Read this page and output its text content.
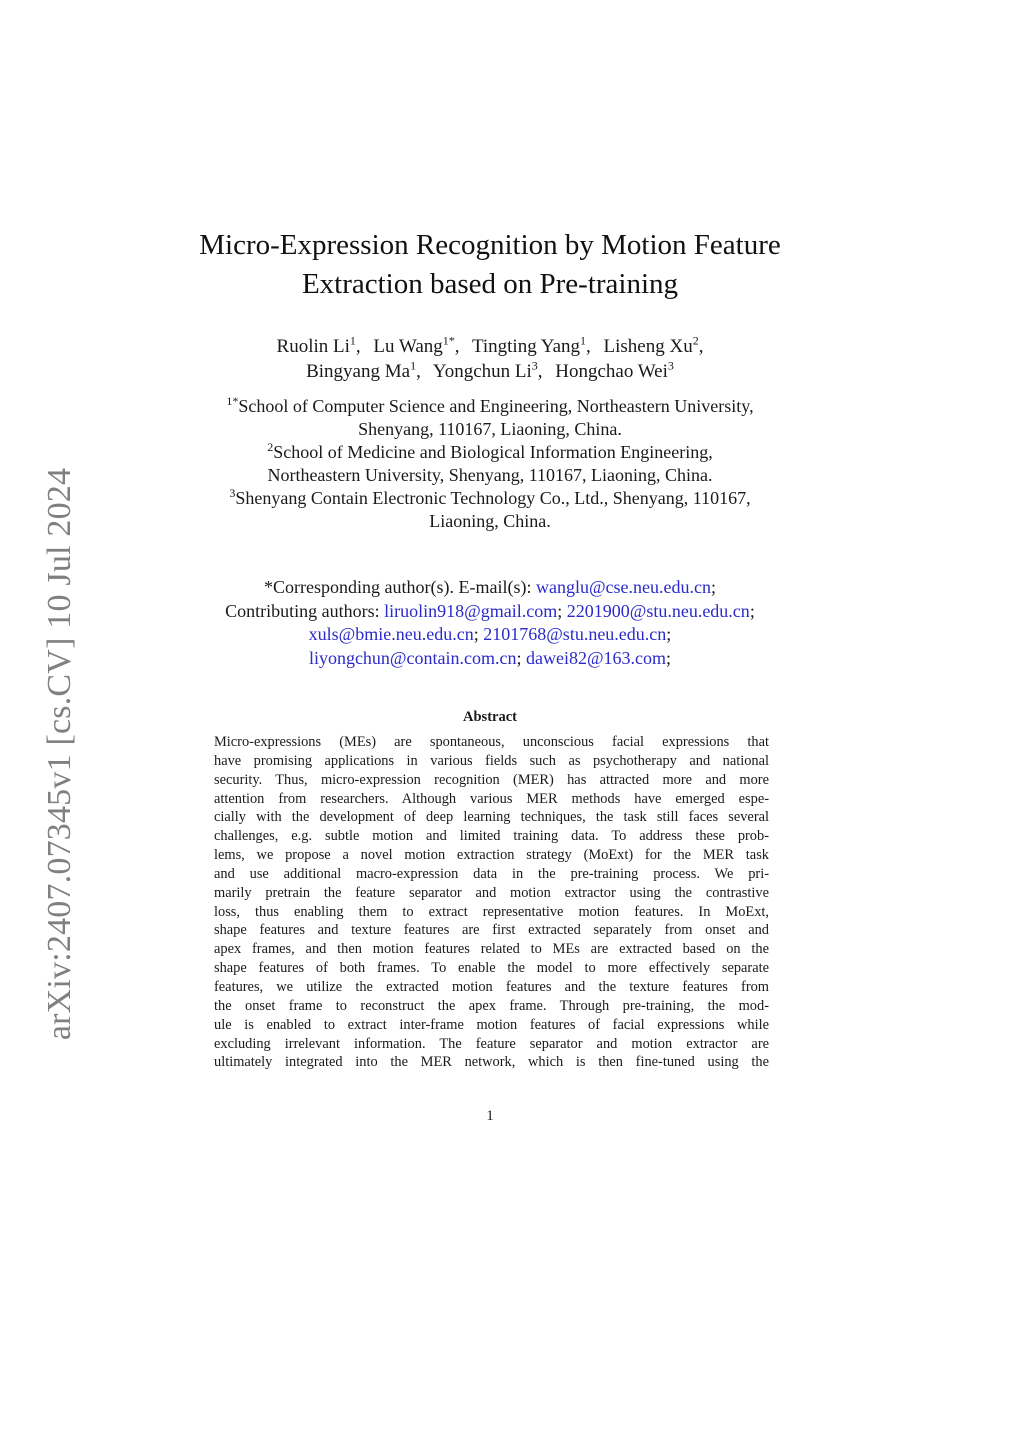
arXiv:2407.07345v1 [cs.CV] 10 Jul 2024
Micro-Expression Recognition by Motion Feature
Extraction based on Pre-training
Ruolin Li$^1$, Lu Wang$^{1*}$, Tingting Yang$^1$, Lisheng Xu$^2$,
Bingyang Ma$^1$, Yongchun Li$^3$, Hongchao Wei$^3$
$^{1*}$School of Computer Science and Engineering, Northeastern University,
Shenyang, 110167, Liaoning, China.
$^2$School of Medicine and Biological Information Engineering,
Northeastern University, Shenyang, 110167, Liaoning, China.
$^3$Shenyang Contain Electronic Technology Co., Ltd., Shenyang, 110167,
Liaoning, China.
*Corresponding author(s). E-mail(s): wanglu@cse.neu.edu.cn;
Contributing authors: liruolin918@gmail.com; 2201900@stu.neu.edu.cn;
xuls@bmie.neu.edu.cn; 2101768@stu.neu.edu.cn;
liyongchun@contain.com.cn; dawei82@163.com;
Abstract
Micro-expressions (MEs) are spontaneous, unconscious facial expressions that
have promising applications in various fields such as psychotherapy and national
security. Thus, micro-expression recognition (MER) has attracted more and more
attention from researchers. Although various MER methods have emerged espe-
cially with the development of deep learning techniques, the task still faces several
challenges, e.g. subtle motion and limited training data. To address these prob-
lems, we propose a novel motion extraction strategy (MoExt) for the MER task
and use additional macro-expression data in the pre-training process. We pri-
marily pretrain the feature separator and motion extractor using the contrastive
loss, thus enabling them to extract representative motion features. In MoExt,
shape features and texture features are first extracted separately from onset and
apex frames, and then motion features related to MEs are extracted based on the
shape features of both frames. To enable the model to more effectively separate
features, we utilize the extracted motion features and the texture features from
the onset frame to reconstruct the apex frame. Through pre-training, the mod-
ule is enabled to extract inter-frame motion features of facial expressions while
excluding irrelevant information. The feature separator and motion extractor are
ultimately integrated into the MER network, which is then fine-tuned using the
1
